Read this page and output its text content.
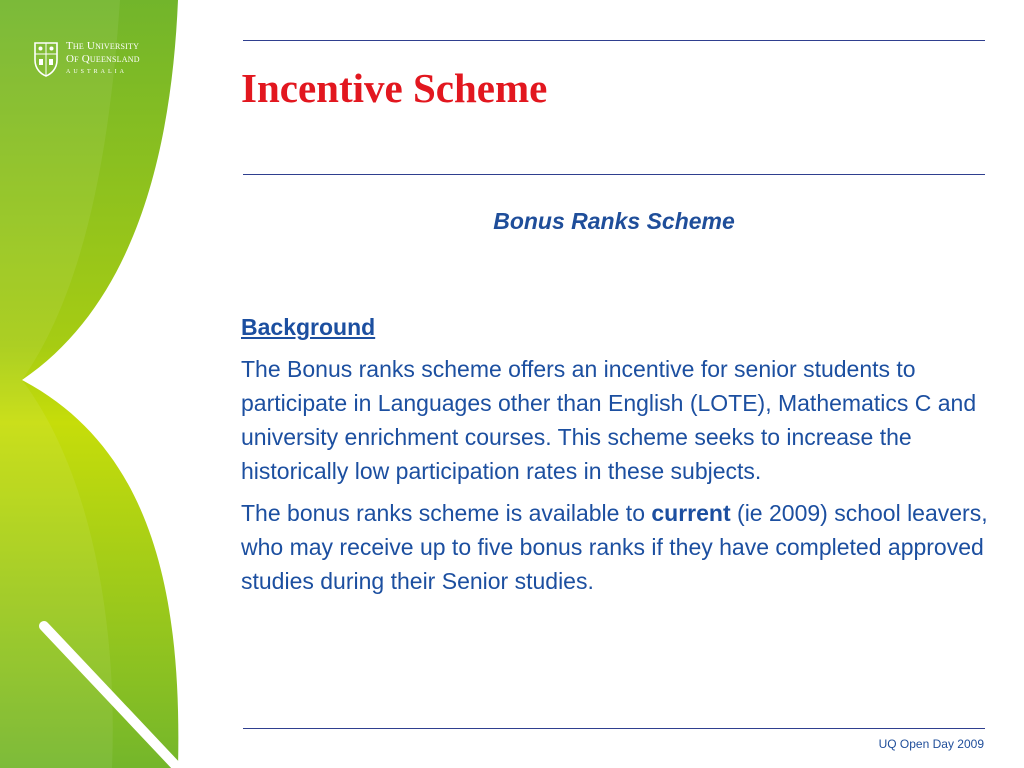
The University
Of Queensland
AUSTRALIA	Incentive Scheme

Bonus Ranks Scheme

Background

The Bonus ranks scheme offers an incentive for senior students to participate in Languages other than English (LOTE), Mathematics C and university enrichment courses. This scheme seeks to increase the historically low participation rates in these subjects.

The bonus ranks scheme is available to current (ie 2009) school leavers, who may receive up to five bonus ranks if they have completed approved studies during their Senior studies.

UQ Open Day 2009
